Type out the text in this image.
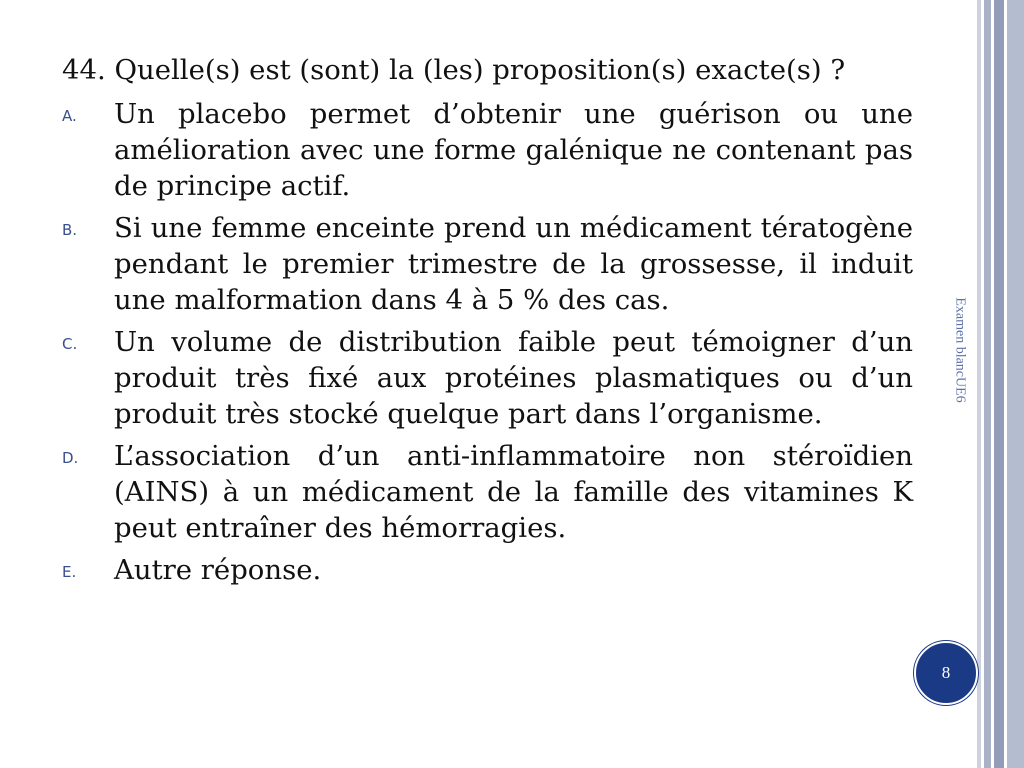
44. Quelle(s) est (sont) la (les) proposition(s) exacte(s) ?

A. Un placebo permet d’obtenir une guérison ou une amélioration avec une forme galénique ne contenant pas de principe actif.
B. Si une femme enceinte prend un médicament tératogène pendant le premier trimestre de la grossesse, il induit une malformation dans 4 à 5 % des cas.
C. Un volume de distribution faible peut témoigner d’un produit très fixé aux protéines plasmatiques ou d’un produit très stocké quelque part dans l’organisme.
D. L’association d’un anti-inflammatoire non stéroïdien (AINS) à un médicament de la famille des vitamines K peut entraîner des hémorragies.
E. Autre réponse.
Examen blancUE6
8
